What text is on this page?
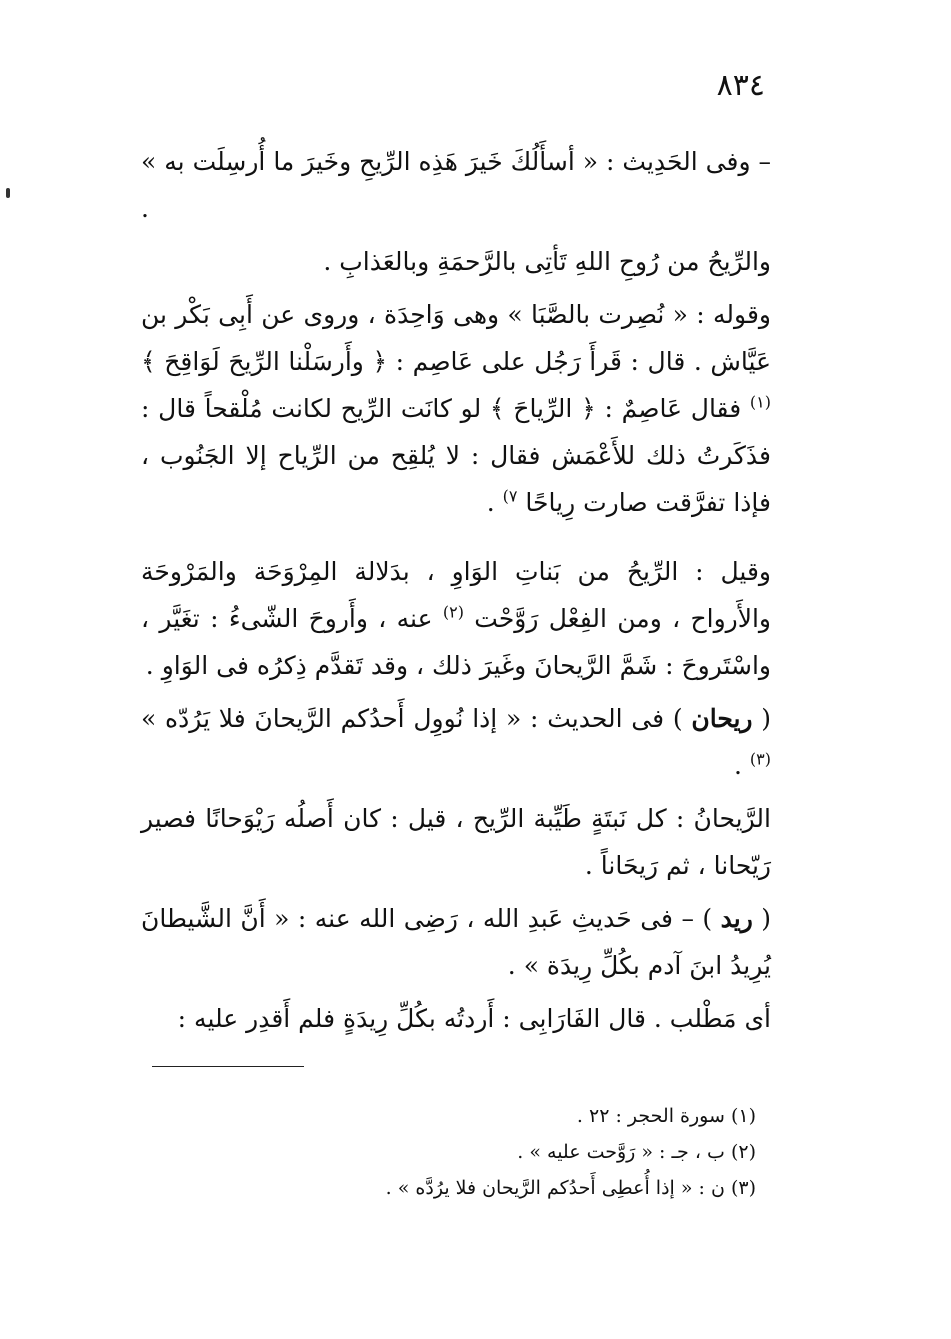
٨٣٤

– وفى الحَدِيث : « أسأَلُكَ خَيرَ هَذِه الرِّيحِ وخَيرَ ما أُرسِلَت به » .

والرِّيحُ من رُوحِ اللهِ تَأتِى بالرَّحمَةِ وبالعَذابِ .

وقوله : « نُصِرت بالصَّبَا » وهى وَاحِدَة ، وروى عن أَبِى بَكْر بن عَيَّاش . قال : قَرأَ رَجُل على عَاصِم : ﴿ وأَرسَلْنا الرِّيحَ لَوَاقِحَ ﴾ $^{(١)}$ فقال عَاصِمٌ : ﴿ الرِّياحَ ﴾ لو كانَت الرِّيح لكانت مُلْقحاً قال : فذَكَرتُ ذلك للأَعْمَش فقال : لا يُلقِح من الرِّياح إلا الجَنُوب ، فإذا تفرَّقت صارت رِياحًا $^{٧)}$ .

وقيل : الرِّيحُ من بَناتِ الوَاوِ ، بدَلالة المِرْوَحَة والمَرْوحَة والأَرواح ، ومن الفِعْل رَوَّحْت $^{(٢)}$ عنه ، وأَروحَ الشّىءُ : تغَيَّر ، واسْتَروحَ : شَمَّ الرَّيحانَ وغَيرَ ذلك ، وقد تَقدَّم ذِكرُه فى الوَاوِ .

( ريحان ) فى الحديث : « إذا نُووِل أَحدُكم الرَّيحانَ فلا يَرُدّه » $^{(٣)}$ .

الرَّيحانُ : كل نَبتَةٍ طَيِّبة الرِّيح ، قيل : كان أَصلُه رَيْوَحانًا فصير رَيّحانا ، ثم رَيحَاناً .

( ريد ) – فى حَديثِ عَبدِ الله ، رَضِى الله عنه : « أَنَّ الشَّيطانَ يُرِيدُ ابنَ آدم بكُلِّ رِيدَة » .

أى مَطْلب . قال الفَارَابِى : أَردتُه بكُلِّ رِيدَةٍ فلم أَقدِر عليه :

(١) سورة الحجر : ٢٢ .
(٢) ب ، جـ : « رَوَّحت عليه » .
(٣) ن : « إذا أُعطِى أَحدُكم الرَّيحان فلا يرُدَّه » .
